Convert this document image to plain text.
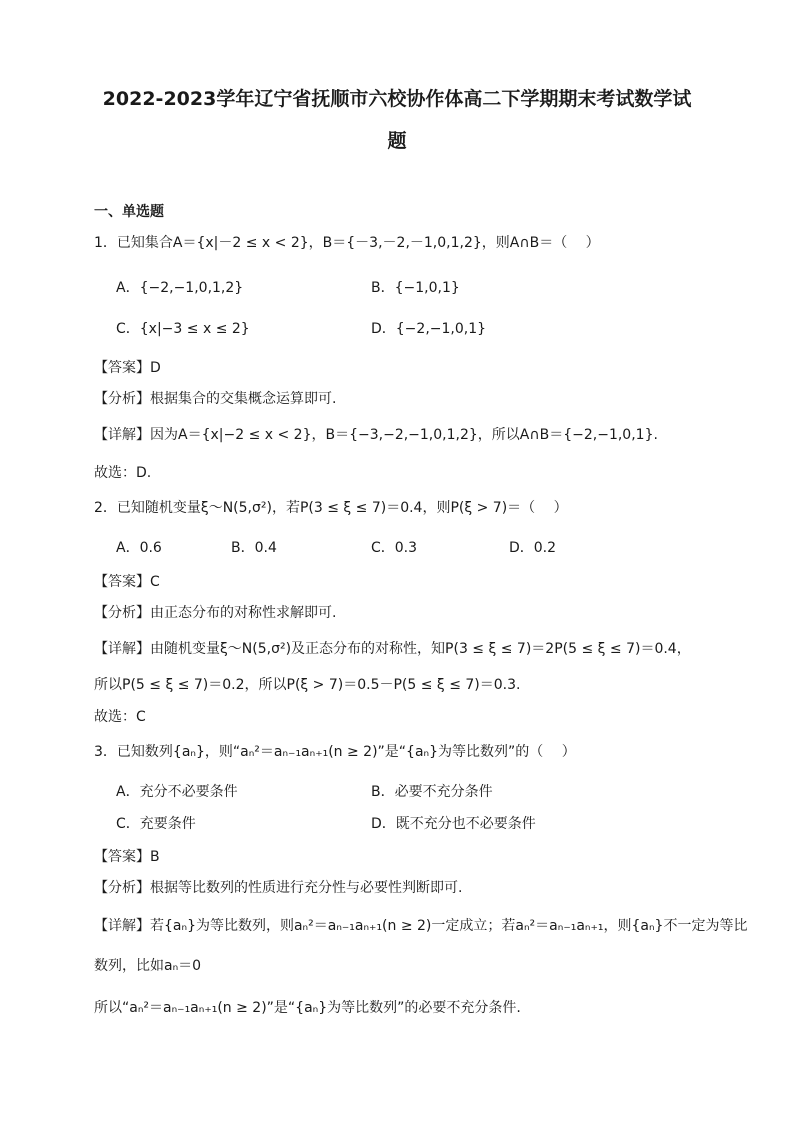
2022-2023学年辽宁省抚顺市六校协作体高二下学期期末考试数学试
题
一、单选题
1．已知集合A＝{x|－2 ≤ x < 2}，B＝{－3,－2,－1,0,1,2}，则A∩B＝（　 ）
A．{−2,−1,0,1,2}	B．{−1,0,1}
C．{x|−3 ≤ x ≤ 2}	D．{−2,−1,0,1}
【答案】D
【分析】根据集合的交集概念运算即可.
【详解】因为A＝{x|−2 ≤ x < 2}，B＝{−3,−2,−1,0,1,2}，所以A∩B＝{−2,−1,0,1}.
故选：D.
2．已知随机变量ξ～N(5,σ²)，若P(3 ≤ ξ ≤ 7)＝0.4，则P(ξ > 7)＝（　 ）
A．0.6	B．0.4	C．0.3	D．0.2
【答案】C
【分析】由正态分布的对称性求解即可.
【详解】由随机变量ξ～N(5,σ²)及正态分布的对称性，知P(3 ≤ ξ ≤ 7)＝2P(5 ≤ ξ ≤ 7)＝0.4，
所以P(5 ≤ ξ ≤ 7)＝0.2，所以P(ξ > 7)＝0.5－P(5 ≤ ξ ≤ 7)＝0.3.
故选：C
3．已知数列{aₙ}，则“aₙ²＝aₙ₋₁aₙ₊₁(n ≥ 2)”是“{aₙ}为等比数列”的（　 ）
A．充分不必要条件	B．必要不充分条件
C．充要条件	D．既不充分也不必要条件
【答案】B
【分析】根据等比数列的性质进行充分性与必要性判断即可.
【详解】若{aₙ}为等比数列，则aₙ²＝aₙ₋₁aₙ₊₁(n ≥ 2)一定成立；若aₙ²＝aₙ₋₁aₙ₊₁，则{aₙ}不一定为等比
数列，比如aₙ＝0
所以“aₙ²＝aₙ₋₁aₙ₊₁(n ≥ 2)”是“{aₙ}为等比数列”的必要不充分条件.
